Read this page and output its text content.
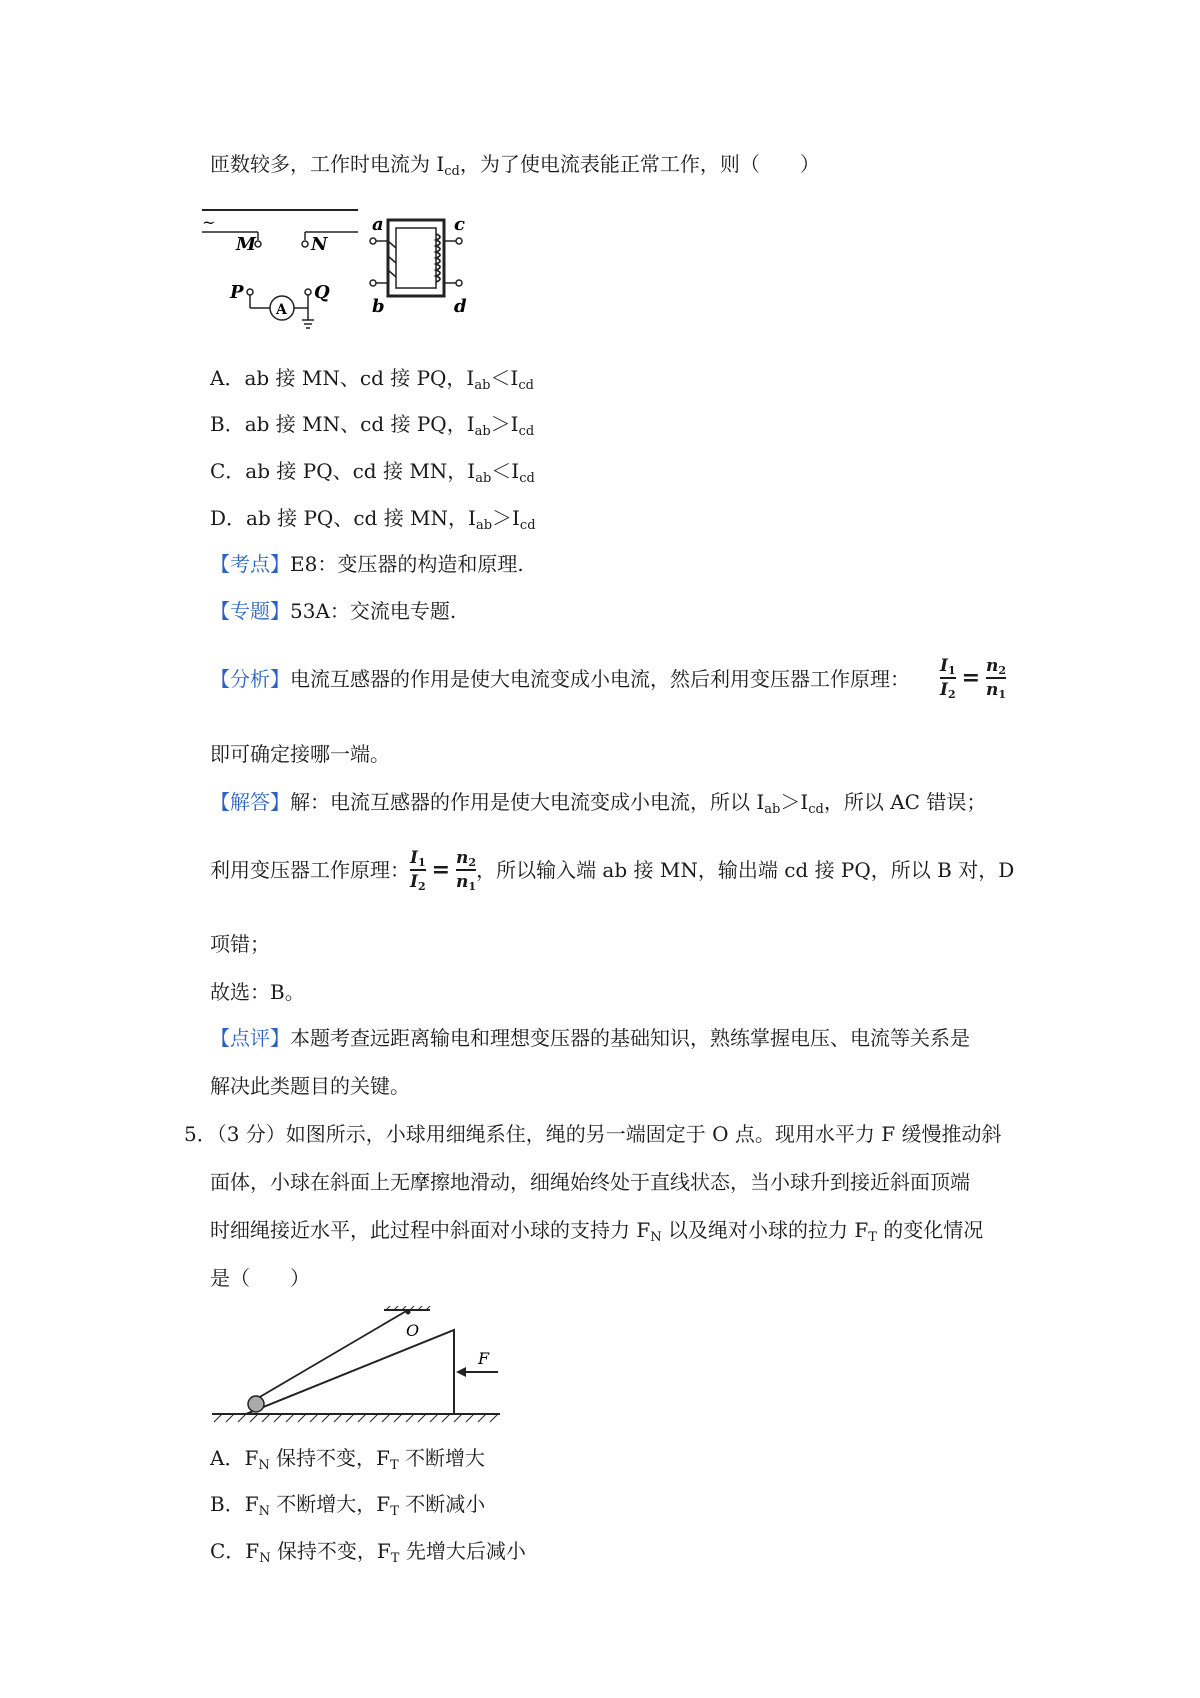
匝数较多，工作时电流为 $I_{cd}$，为了使电流表能正常工作，则（　　）
~
M	N
P
A
Q
a
b
c
d
A．ab 接 MN、cd 接 PQ，$I_{ab}<I_{cd}$
B．ab 接 MN、cd 接 PQ，$I_{ab}>I_{cd}$
C．ab 接 PQ、cd 接 MN，$I_{ab}<I_{cd}$
D．ab 接 PQ、cd 接 MN，$I_{ab}>I_{cd}$
【考点】E8：变压器的构造和原理.
【专题】53A：交流电专题.
【分析】电流互感器的作用是使大电流变成小电流，然后利用变压器工作原理： $\frac{I_1}{I_2} = \frac{n_2}{n_1}$
即可确定接哪一端。
【解答】解：电流互感器的作用是使大电流变成小电流，所以 $I_{ab}>I_{cd}$，所以 AC 错误；
利用变压器工作原理： $\frac{I_1}{I_2} = \frac{n_2}{n_1}$ ，所以输入端 ab 接 MN，输出端 cd 接 PQ，所以 B 对，D
项错；
故选：B。
【点评】本题考查远距离输电和理想变压器的基础知识，熟练掌握电压、电流等关系是
解决此类题目的关键。
5．（3 分）如图所示，小球用细绳系住，绳的另一端固定于 O 点。现用水平力 F 缓慢推动斜
面体，小球在斜面上无摩擦地滑动，细绳始终处于直线状态，当小球升到接近斜面顶端
时细绳接近水平，此过程中斜面对小球的支持力 $F_N$ 以及绳对小球的拉力 $F_T$ 的变化情况
是（　　）
O
F
A．$F_N$ 保持不变，$F_T$ 不断增大
B．$F_N$ 不断增大，$F_T$ 不断减小
C．$F_N$ 保持不变，$F_T$ 先增大后减小
